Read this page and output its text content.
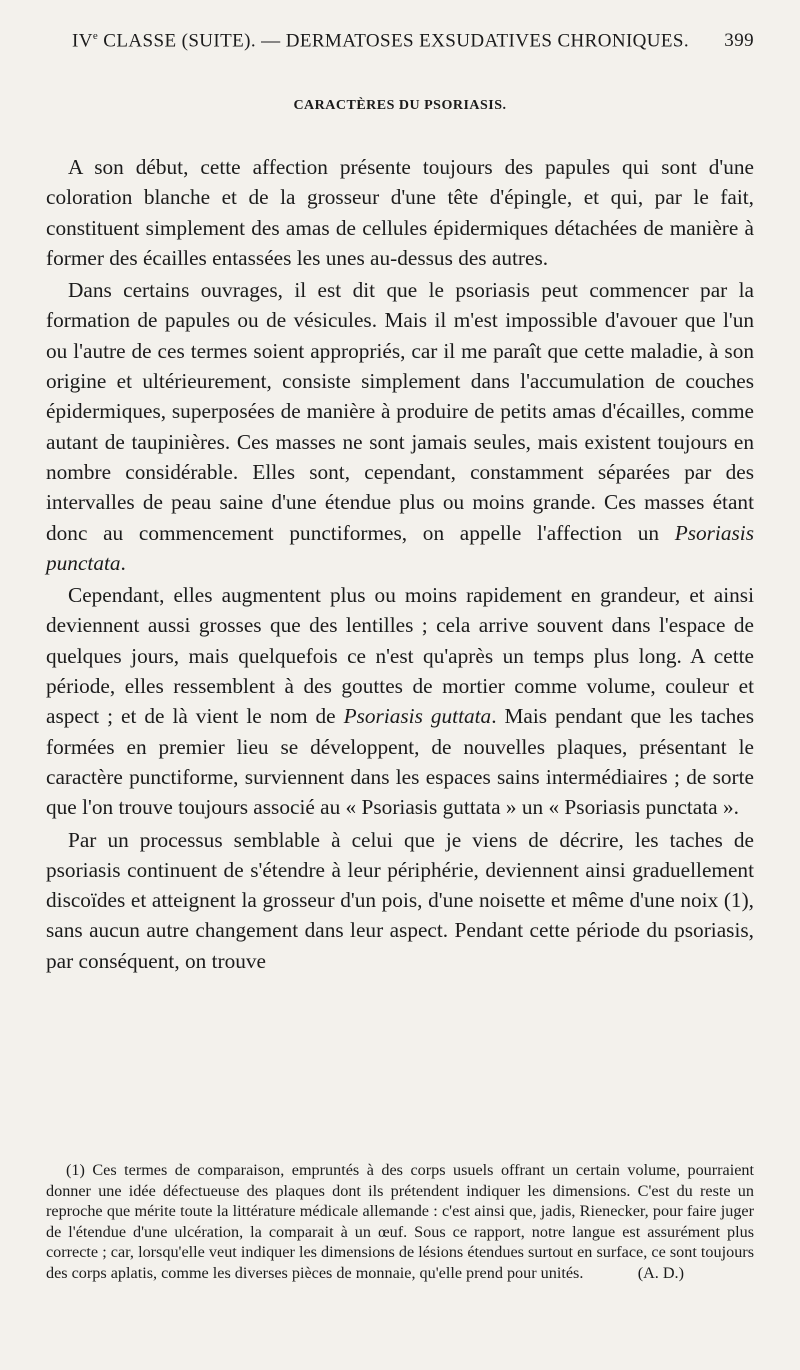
IVe CLASSE (SUITE). — DERMATOSES EXSUDATIVES CHRONIQUES. 399
CARACTÈRES DU PSORIASIS.

A son début, cette affection présente toujours des papules qui sont d'une coloration blanche et de la grosseur d'une tête d'épingle, et qui, par le fait, constituent simplement des amas de cellules épidermiques détachées de manière à former des écailles entassées les unes au-dessus des autres.

Dans certains ouvrages, il est dit que le psoriasis peut commencer par la formation de papules ou de vésicules. Mais il m'est impossible d'avouer que l'un ou l'autre de ces termes soient appropriés, car il me paraît que cette maladie, à son origine et ultérieurement, consiste simplement dans l'accumulation de couches épidermiques, superposées de manière à produire de petits amas d'écailles, comme autant de taupinières. Ces masses ne sont jamais seules, mais existent toujours en nombre considérable. Elles sont, cependant, constamment séparées par des intervalles de peau saine d'une étendue plus ou moins grande. Ces masses étant donc au commencement punctiformes, on appelle l'affection un Psoriasis punctata.

Cependant, elles augmentent plus ou moins rapidement en grandeur, et ainsi deviennent aussi grosses que des lentilles ; cela arrive souvent dans l'espace de quelques jours, mais quelquefois ce n'est qu'après un temps plus long. A cette période, elles ressemblent à des gouttes de mortier comme volume, couleur et aspect ; et de là vient le nom de Psoriasis guttata. Mais pendant que les taches formées en premier lieu se développent, de nouvelles plaques, présentant le caractère punctiforme, surviennent dans les espaces sains intermédiaires ; de sorte que l'on trouve toujours associé au « Psoriasis guttata » un « Psoriasis punctata ».

Par un processus semblable à celui que je viens de décrire, les taches de psoriasis continuent de s'étendre à leur périphérie, deviennent ainsi graduellement discoïdes et atteignent la grosseur d'un pois, d'une noisette et même d'une noix (1), sans aucun autre changement dans leur aspect. Pendant cette période du psoriasis, par conséquent, on trouve

(1) Ces termes de comparaison, empruntés à des corps usuels offrant un certain volume, pourraient donner une idée défectueuse des plaques dont ils prétendent indiquer les dimensions. C'est du reste un reproche que mérite toute la littérature médicale allemande : c'est ainsi que, jadis, Rienecker, pour faire juger de l'étendue d'une ulcération, la comparait à un œuf. Sous ce rapport, notre langue est assurément plus correcte ; car, lorsqu'elle veut indiquer les dimensions de lésions étendues surtout en surface, ce sont toujours des corps aplatis, comme les diverses pièces de monnaie, qu'elle prend pour unités.	(A. D.)
